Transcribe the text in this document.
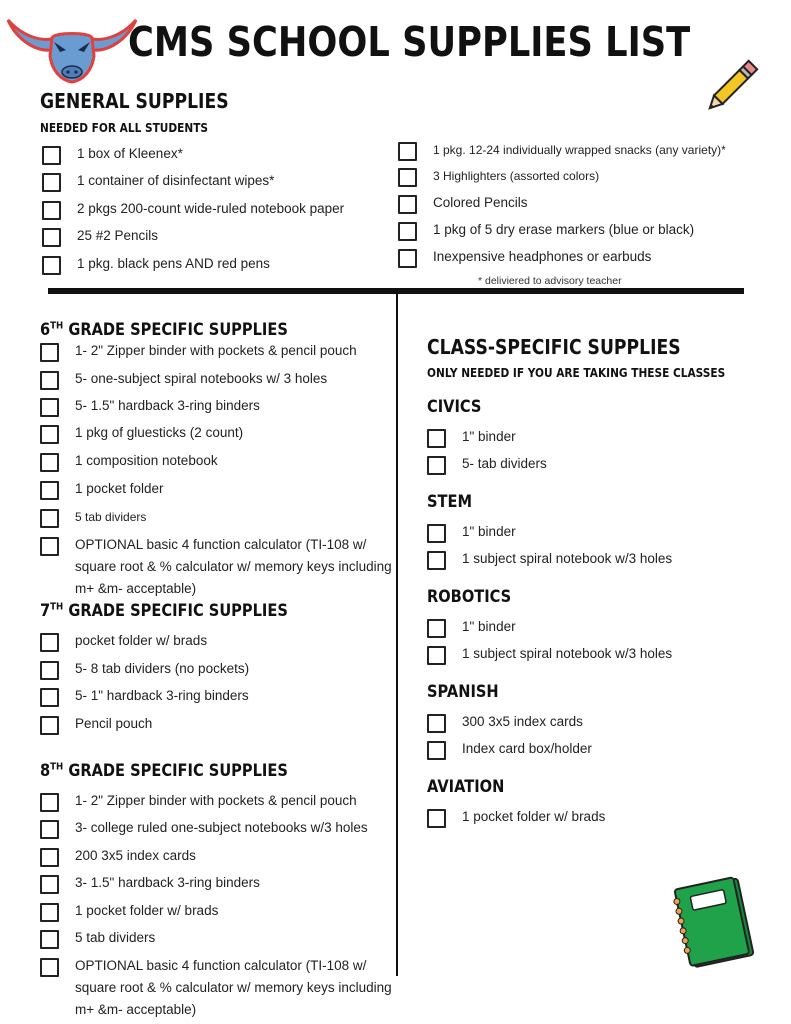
CMS SCHOOL SUPPLIES LIST
GENERAL SUPPLIES
NEEDED FOR ALL STUDENTS
1 box of Kleenex*
1 container of disinfectant wipes*
2 pkgs 200-count wide-ruled notebook paper
25 #2 Pencils
1 pkg. black pens AND red pens
1 pkg. 12-24 individually wrapped snacks (any variety)*
3 Highlighters (assorted colors)
Colored Pencils
1 pkg of 5 dry erase markers (blue or black)
Inexpensive headphones or earbuds
* deliviered to advisory teacher
6TH GRADE SPECIFIC SUPPLIES
1- 2" Zipper binder with pockets & pencil pouch
5- one-subject spiral notebooks w/ 3 holes
5- 1.5" hardback 3-ring binders
1 pkg of gluesticks (2 count)
1 composition notebook
1 pocket folder
5 tab dividers
OPTIONAL basic 4 function calculator (TI-108 w/ square root & % calculator w/ memory keys including m+ &m- acceptable)
7TH GRADE SPECIFIC SUPPLIES
pocket folder w/ brads
5- 8 tab dividers (no pockets)
5- 1" hardback 3-ring binders
Pencil pouch
8TH GRADE SPECIFIC SUPPLIES
1- 2" Zipper binder with pockets & pencil pouch
3- college ruled one-subject notebooks w/3 holes
200 3x5 index cards
3- 1.5" hardback 3-ring binders
1 pocket folder w/ brads
5 tab dividers
OPTIONAL basic 4 function calculator (TI-108 w/ square root & % calculator w/ memory keys including m+ &m- acceptable)
CLASS-SPECIFIC SUPPLIES
ONLY NEEDED IF YOU ARE TAKING THESE CLASSES
CIVICS
1" binder
5- tab dividers
STEM
1" binder
1 subject spiral notebook w/3 holes
ROBOTICS
1" binder
1 subject spiral notebook w/3 holes
SPANISH
300 3x5 index cards
Index card box/holder
AVIATION
1 pocket folder w/ brads
